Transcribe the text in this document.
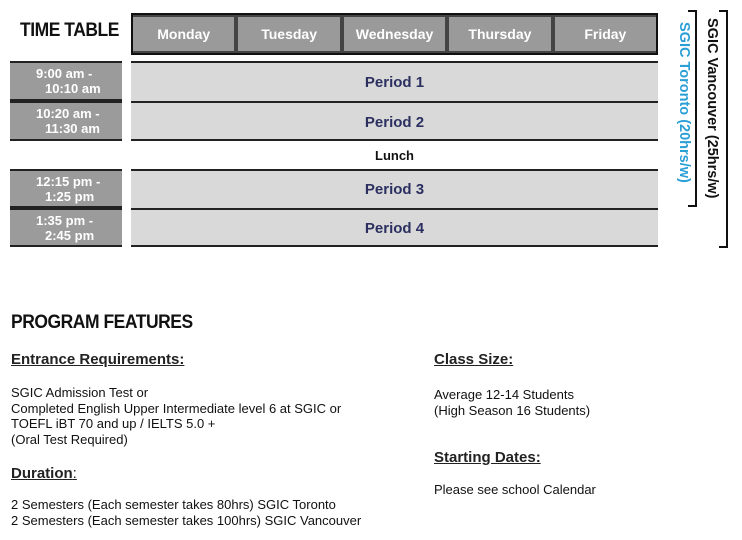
TIME TABLE	Monday	Tuesday	Wednesday	Thursday	Friday
9:00 am -
10:10 am	Period 1
10:20 am -
11:30 am	Period 2
Lunch
12:15 pm -
1:25 pm	Period 3
1:35 pm -
2:45 pm	Period 4
SGIC Toronto (20hrs/w) SGIC Vancouver (25hrs/w)
PROGRAM FEATURES
Entrance Requirements:
SGIC Admission Test or
Completed English Upper Intermediate level 6 at SGIC or
TOEFL iBT 70 and up / IELTS 5.0 +
(Oral Test Required)
Duration:
2 Semesters (Each semester takes 80hrs) SGIC Toronto
2 Semesters (Each semester takes 100hrs) SGIC Vancouver
Class Size:
Average 12-14 Students
(High Season 16 Students)
Starting Dates:
Please see school Calendar
